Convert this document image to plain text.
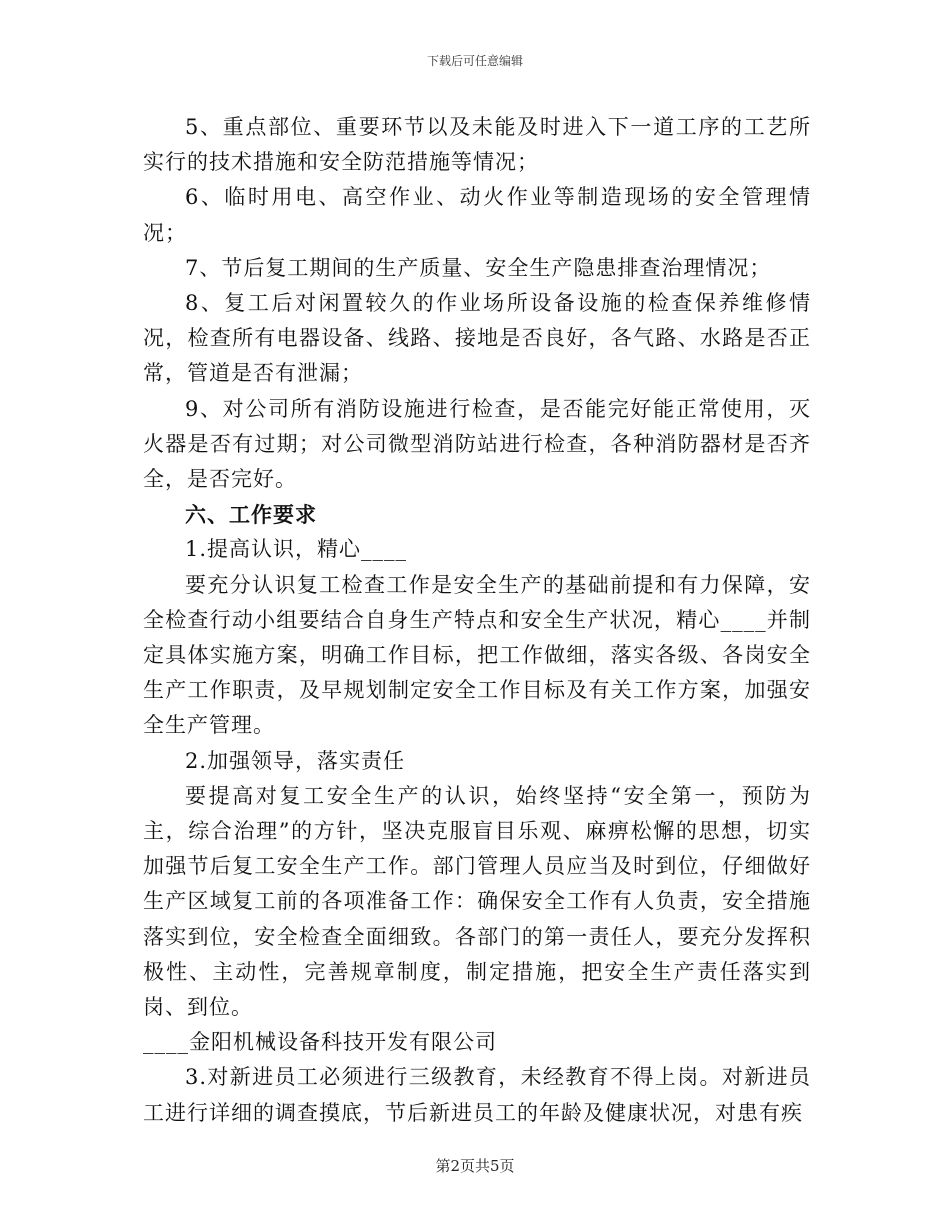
下载后可任意编辑

5、重点部位、重要环节以及未能及时进入下一道工序的工艺所实行的技术措施和安全防范措施等情况；

6、临时用电、高空作业、动火作业等制造现场的安全管理情况；

7、节后复工期间的生产质量、安全生产隐患排查治理情况；

8、复工后对闲置较久的作业场所设备设施的检查保养维修情况，检查所有电器设备、线路、接地是否良好，各气路、水路是否正常，管道是否有泄漏；

9、对公司所有消防设施进行检查，是否能完好能正常使用，灭火器是否有过期；对公司微型消防站进行检查，各种消防器材是否齐全，是否完好。

六、工作要求

1.提高认识，精心____

要充分认识复工检查工作是安全生产的基础前提和有力保障，安全检查行动小组要结合自身生产特点和安全生产状况，精心____并制定具体实施方案，明确工作目标，把工作做细，落实各级、各岗安全生产工作职责，及早规划制定安全工作目标及有关工作方案，加强安全生产管理。

2.加强领导，落实责任

要提高对复工安全生产的认识，始终坚持“安全第一，预防为主，综合治理”的方针，坚决克服盲目乐观、麻痹松懈的思想，切实加强节后复工安全生产工作。部门管理人员应当及时到位，仔细做好生产区域复工前的各项准备工作：确保安全工作有人负责，安全措施落实到位，安全检查全面细致。各部门的第一责任人，要充分发挥积极性、主动性，完善规章制度，制定措施，把安全生产责任落实到岗、到位。

____金阳机械设备科技开发有限公司

3.对新进员工必须进行三级教育，未经教育不得上岗。对新进员工进行详细的调查摸底，节后新进员工的年龄及健康状况，对患有疾

第2页共5页
